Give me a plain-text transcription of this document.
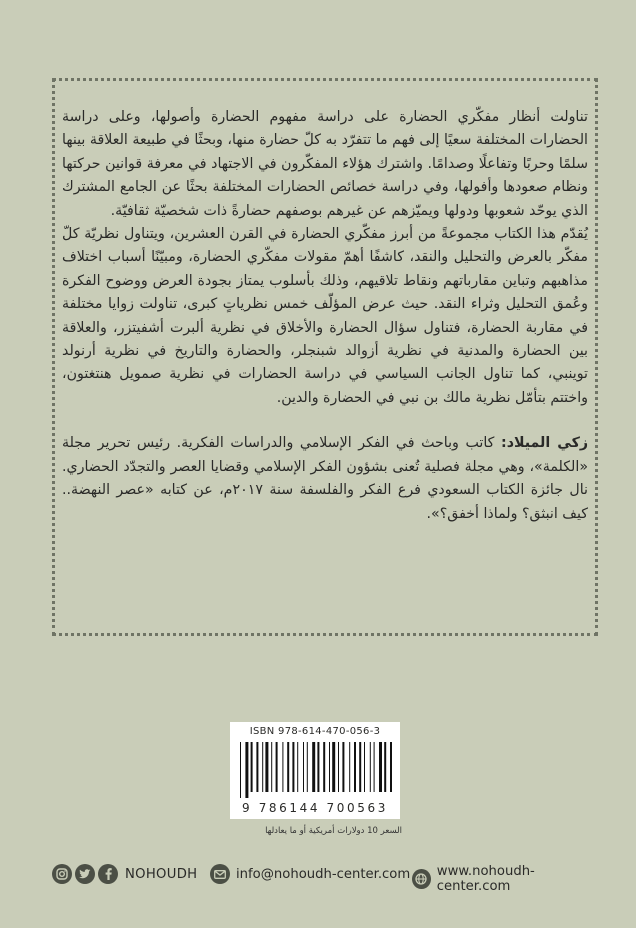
تناولت أنظار مفكّري الحضارة على دراسة مفهوم الحضارة وأصولها، وعلى دراسة الحضارات المختلفة سعيًا إلى فهم ما تتفرّد به كلّ حضارة منها، وبحثًا في طبيعة العلاقة بينها سلمًا وحربًا وتفاعلًا وصدامًا. واشترك هؤلاء المفكّرون في الاجتهاد في معرفة قوانين حركتها ونظام صعودها وأفولها، وفي دراسة خصائص الحضارات المختلفة بحثًا عن الجامع المشترك الذي يوحّد شعوبها ودولها ويميّزهم عن غيرهم بوصفهم حضارةً ذات شخصيّة ثقافيّة.

يُقدّم هذا الكتاب مجموعةً من أبرز مفكّري الحضارة في القرن العشرين، ويتناول نظريّة كلّ مفكّر بالعرض والتحليل والنقد، كاشفًا أهمّ مقولات مفكّري الحضارة، ومبيّنًا أسباب اختلاف مذاهبهم وتباين مقارباتهم ونقاط تلاقيهم، وذلك بأسلوب يمتاز بجودة العرض ووضوح الفكرة وعُمق التحليل وثراء النقد. حيث عرض المؤلّف خمس نظرياتٍ كبرى، تناولت زوايا مختلفة في مقاربة الحضارة، فتناول سؤال الحضارة والأخلاق في نظرية ألبرت أشفيتزر، والعلاقة بين الحضارة والمدنية في نظرية أزوالد شبنجلر، والحضارة والتاريخ في نظرية أرنولد توينبي، كما تناول الجانب السياسي في دراسة الحضارات في نظرية صمويل هنتغتون، واختتم بتأمّل نظرية مالك بن نبي في الحضارة والدين.

زكي الميلاد: كاتب وباحث في الفكر الإسلامي والدراسات الفكرية. رئيس تحرير مجلة «الكلمة»، وهي مجلة فصلية تُعنى بشؤون الفكر الإسلامي وقضايا العصر والتجدّد الحضاري. نال جائزة الكتاب السعودي فرع الفكر والفلسفة سنة ٢٠١٧م، عن كتابه «عصر النهضة.. كيف انبثق؟ ولماذا أخفق؟».

ISBN 978-614-470-056-3
9 786144 700563
السعر 10 دولارات أمريكية أو ما يعادلها
NOHOUDH	info@nohoudh-center.com www.nohoudh-center.com
